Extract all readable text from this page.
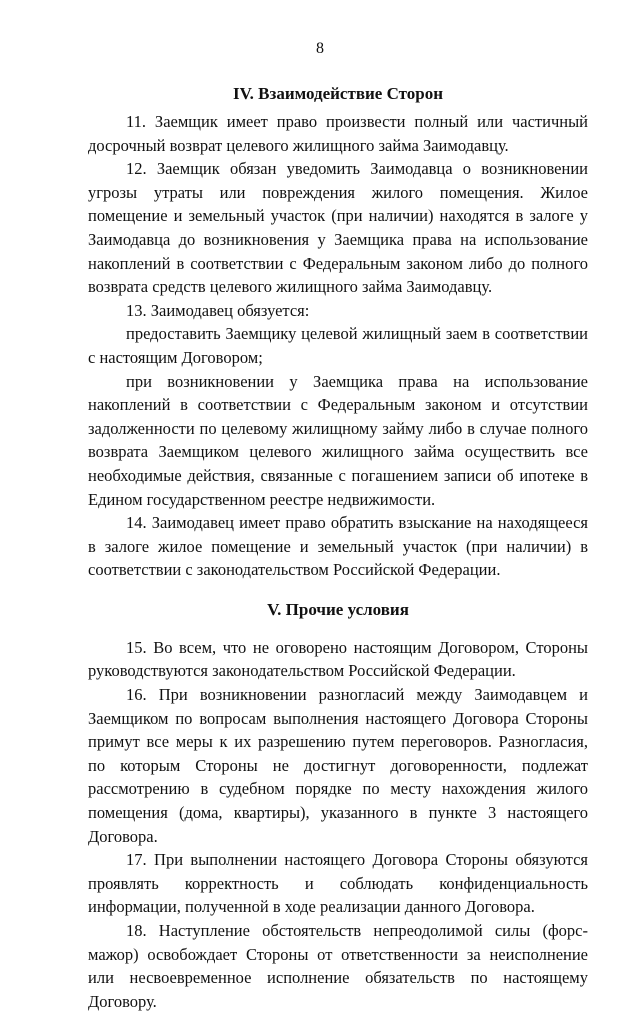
8
IV. Взаимодействие Сторон

11. Заемщик имеет право произвести полный или частичный досрочный возврат целевого жилищного займа Заимодавцу.

12. Заемщик обязан уведомить Заимодавца о возникновении угрозы утраты или повреждения жилого помещения. Жилое помещение и земельный участок (при наличии) находятся в залоге у Заимодавца до возникновения у Заемщика права на использование накоплений в соответствии с Федеральным законом либо до полного возврата средств целевого жилищного займа Заимодавцу.

13. Заимодавец обязуется:

предоставить Заемщику целевой жилищный заем в соответствии с настоящим Договором;

при возникновении у Заемщика права на использование накоплений в соответствии с Федеральным законом и отсутствии задолженности по целевому жилищному займу либо в случае полного возврата Заемщиком целевого жилищного займа осуществить все необходимые действия, связанные с погашением записи об ипотеке в Едином государственном реестре недвижимости.

14. Заимодавец имеет право обратить взыскание на находящееся в залоге жилое помещение и земельный участок (при наличии) в соответствии с законодательством Российской Федерации.

V. Прочие условия

15. Во всем, что не оговорено настоящим Договором, Стороны руководствуются законодательством Российской Федерации.

16. При возникновении разногласий между Заимодавцем и Заемщиком по вопросам выполнения настоящего Договора Стороны примут все меры к их разрешению путем переговоров. Разногласия, по которым Стороны не достигнут договоренности, подлежат рассмотрению в судебном порядке по месту нахождения жилого помещения (дома, квартиры), указанного в пункте 3 настоящего Договора.

17. При выполнении настоящего Договора Стороны обязуются проявлять корректность и соблюдать конфиденциальность информации, полученной в ходе реализации данного Договора.

18. Наступление обстоятельств непреодолимой силы (форс-мажор) освобождает Стороны от ответственности за неисполнение или несвоевременное исполнение обязательств по настоящему Договору.
